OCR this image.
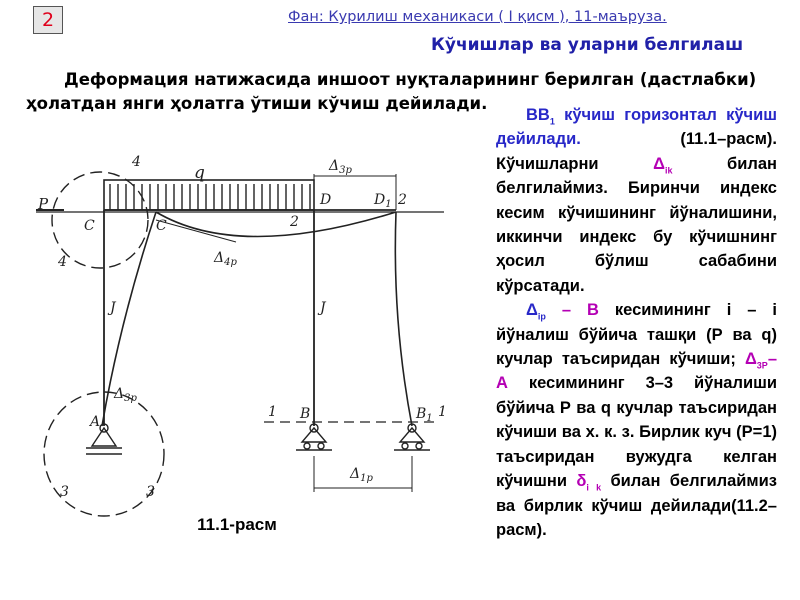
2	Фан: Курилиш механикаси ( I қисм ), 11-маъруза.
Кўчишлар ва уларни белгилаш

Деформация натижасида иншоот нуқталарининг берилган (дастлабки)
ҳолатдан янги ҳолатга ўтиши кўчиш дейилади.

$ВВ_1$ кўчиш горизонтал кўчиш дейилади. (11.1–расм). Кўчишларни $\Delta_{ik}$ билан белгилаймиз. Биринчи индекс кесим кўчишининг йўналишини, иккинчи индекс бу кўчишнинг ҳосил бўлиш сабабини кўрсатади.

$\Delta_{ip}$ – В кесимининг i – i йўналиш бўйича ташқи (Р ва q) кучлар таъсиридан кўчиши; $\Delta_{3Р}-$ А кесимининг 3–3 йўналиши бўйича Р ва q кучлар таъсиридан кўчиши ва х. к. з. Бирлик куч (Р=1) таъсиридан вужудга келган кўчишни $\delta_{i k}$ билан белгилаймиз ва бирлик кўчиш дейилади(11.2–расм).

P
q	$\Delta_{3p}$
$\Delta_{4p}$
C	C
D	$D_1$ 2
2
4
4
J	J
$\Delta_{3p}$
1	1
A
3	3
B	$B_1$
$\Delta_{1p}$
11.1-расм
